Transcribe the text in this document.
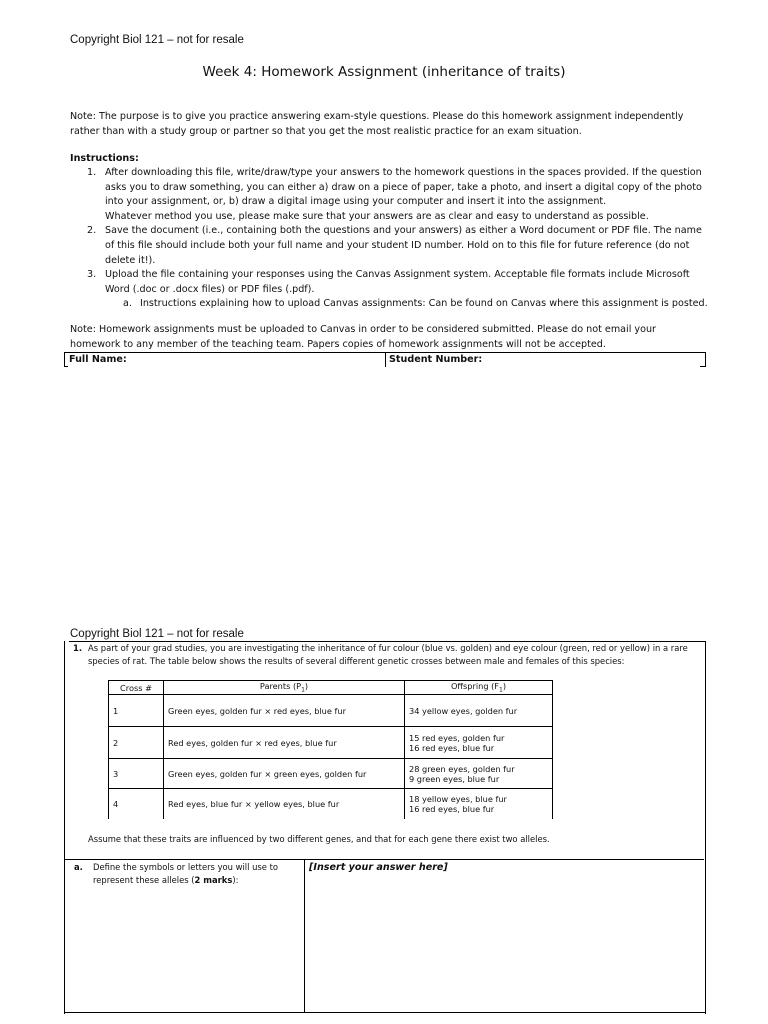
Copyright Biol 121 – not for resale
Week 4: Homework Assignment (inheritance of traits)
Note: The purpose is to give you practice answering exam-style questions. Please do this homework assignment independently
rather than with a study group or partner so that you get the most realistic practice for an exam situation.
Instructions:
1. After downloading this file, write/draw/type your answers to the homework questions in the spaces provided. If the question
asks you to draw something, you can either a) draw on a piece of paper, take a photo, and insert a digital copy of the photo
into your assignment, or, b) draw a digital image using your computer and insert it into the assignment.
Whatever method you use, please make sure that your answers are as clear and easy to understand as possible.
2. Save the document (i.e., containing both the questions and your answers) as either a Word document or PDF file. The name
of this file should include both your full name and your student ID number. Hold on to this file for future reference (do not
delete it!).
3. Upload the file containing your responses using the Canvas Assignment system. Acceptable file formats include Microsoft
Word (.doc or .docx files) or PDF files (.pdf).
a. Instructions explaining how to upload Canvas assignments: Can be found on Canvas where this assignment is posted.
Note: Homework assignments must be uploaded to Canvas in order to be considered submitted. Please do not email your
homework to any member of the teaching team. Papers copies of homework assignments will not be accepted.
Full Name:	Student Number:
Copyright Biol 121 – not for resale
1. As part of your grad studies, you are investigating the inheritance of fur colour (blue vs. golden) and eye colour (green, red or yellow) in a rare
species of rat. The table below shows the results of several different genetic crosses between male and females of this species:
Cross #	Parents $(P_1)$	Offspring $(F_1)$
1	Green eyes, golden fur × red eyes, blue fur	34 yellow eyes, golden fur

2	Red eyes, golden fur × red eyes, blue fur	15 red eyes, golden fur
16 red eyes, blue fur

3	Green eyes, golden fur × green eyes, golden fur	28 green eyes, golden fur
9 green eyes, blue fur

4	Red eyes, blue fur × yellow eyes, blue fur	18 yellow eyes, blue fur
16 red eyes, blue fur
Assume that these traits are influenced by two different genes, and that for each gene there exist two alleles.
a.	Define the symbols or letters you will use to
represent these alleles (2 marks):
[Insert your answer here]
